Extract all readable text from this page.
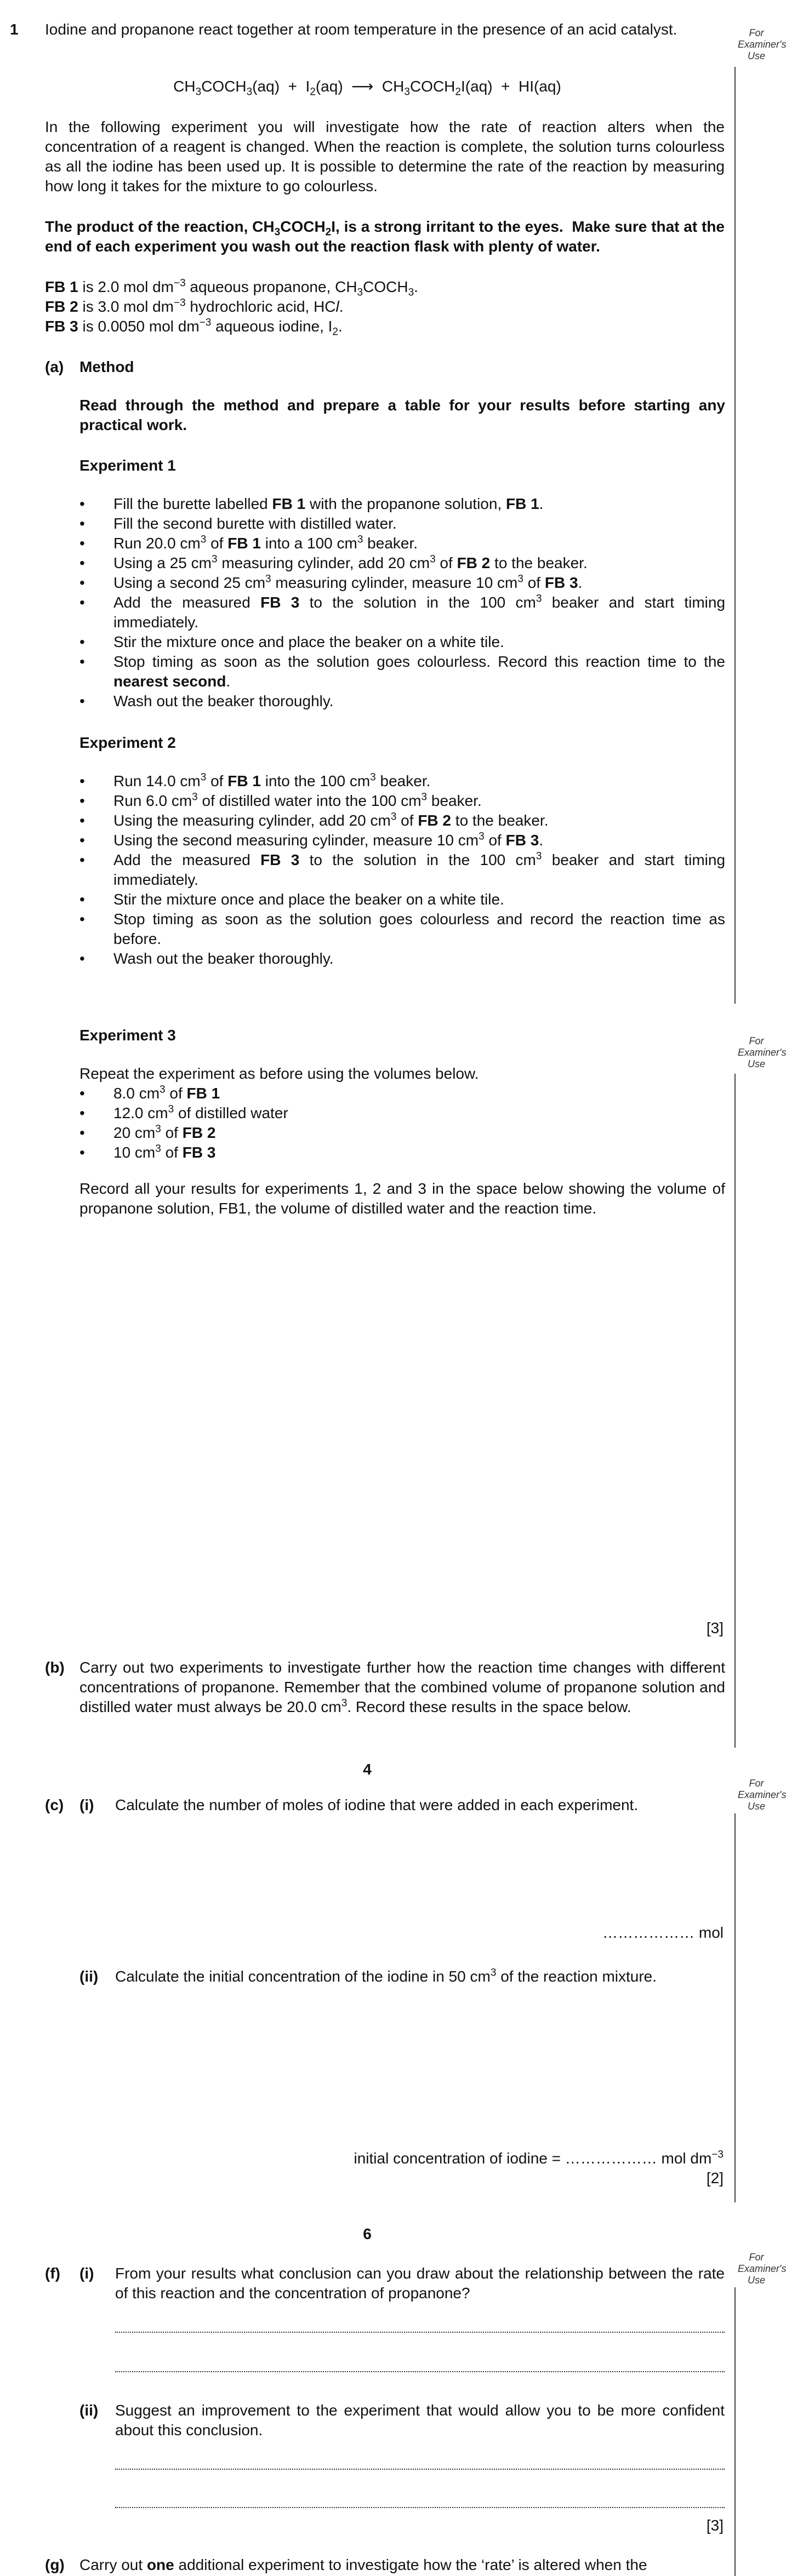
For Examiner's Use
For Examiner's Use
For Examiner's Use
For Examiner's Use
1 Iodine and propanone react together at room temperature in the presence of an acid catalyst.
$CH_3COCH_3(aq) + I_2(aq)$  ⟶  $CH_3COCH_2I(aq) + HI(aq)$
In the following experiment you will investigate how the rate of reaction alters when the concentration of a reagent is changed. When the reaction is complete, the solution turns colourless as all the iodine has been used up. It is possible to determine the rate of the reaction by measuring how long it takes for the mixture to go colourless.
The product of the reaction, $CH_3COCH_2I$, is a strong irritant to the eyes.  Make sure that at the end of each experiment you wash out the reaction flask with plenty of water.
FB 1 is 2.0 mol $dm^{-3}$ aqueous propanone, $CH_3COCH_3$.
FB 2 is 3.0 mol $dm^{-3}$ hydrochloric acid, HCl.
FB 3 is 0.0050 mol $dm^{-3}$ aqueous iodine, $I_2$.
(a) Method
Read through the method and prepare a table for your results before starting any practical work.
Experiment 1
• Fill the burette labelled FB 1 with the propanone solution, FB 1.
• Fill the second burette with distilled water.
• Run 20.0 $cm^3$ of FB 1 into a 100 $cm^3$ beaker.
• Using a 25 $cm^3$ measuring cylinder, add 20 $cm^3$ of FB 2 to the beaker.
• Using a second 25 $cm^3$ measuring cylinder, measure 10 $cm^3$ of FB 3.
• Add the measured FB 3 to the solution in the 100 $cm^3$ beaker and start timing immediately.
• Stir the mixture once and place the beaker on a white tile.
• Stop timing as soon as the solution goes colourless. Record this reaction time to the nearest second.
• Wash out the beaker thoroughly.
Experiment 2
• Run 14.0 $cm^3$ of FB 1 into the 100 $cm^3$ beaker.
• Run 6.0 $cm^3$ of distilled water into the 100 $cm^3$ beaker.
• Using the measuring cylinder, add 20 $cm^3$ of FB 2 to the beaker.
• Using the second measuring cylinder, measure 10 $cm^3$ of FB 3.
• Add the measured FB 3 to the solution in the 100 $cm^3$ beaker and start timing immediately.
• Stir the mixture once and place the beaker on a white tile.
• Stop timing as soon as the solution goes colourless and record the reaction time as before.
• Wash out the beaker thoroughly.
Experiment 3
Repeat the experiment as before using the volumes below.
• 8.0 $cm^3$ of FB 1
• 12.0 $cm^3$ of distilled water
• 20 $cm^3$ of FB 2
• 10 $cm^3$ of FB 3
Record all your results for experiments 1, 2 and 3 in the space below showing the volume of propanone solution, FB1, the volume of distilled water and the reaction time.
[3]
(b) Carry out two experiments to investigate further how the reaction time changes with different concentrations of propanone. Remember that the combined volume of propanone solution and distilled water must always be 20.0 $cm^3$. Record these results in the space below.
4
(c) (i) Calculate the number of moles of iodine that were added in each experiment.
……………… mol
(ii) Calculate the initial concentration of the iodine in 50 $cm^3$ of the reaction mixture.
initial concentration of iodine = ……………… mol $dm^{-3}$
[2]
6
(f) (i) From your results what conclusion can you draw about the relationship between the rate of this reaction and the concentration of propanone?
(ii) Suggest an improvement to the experiment that would allow you to be more confident about this conclusion.
[3]
(g) Carry out one additional experiment to investigate how the ‘rate’ is altered when the
